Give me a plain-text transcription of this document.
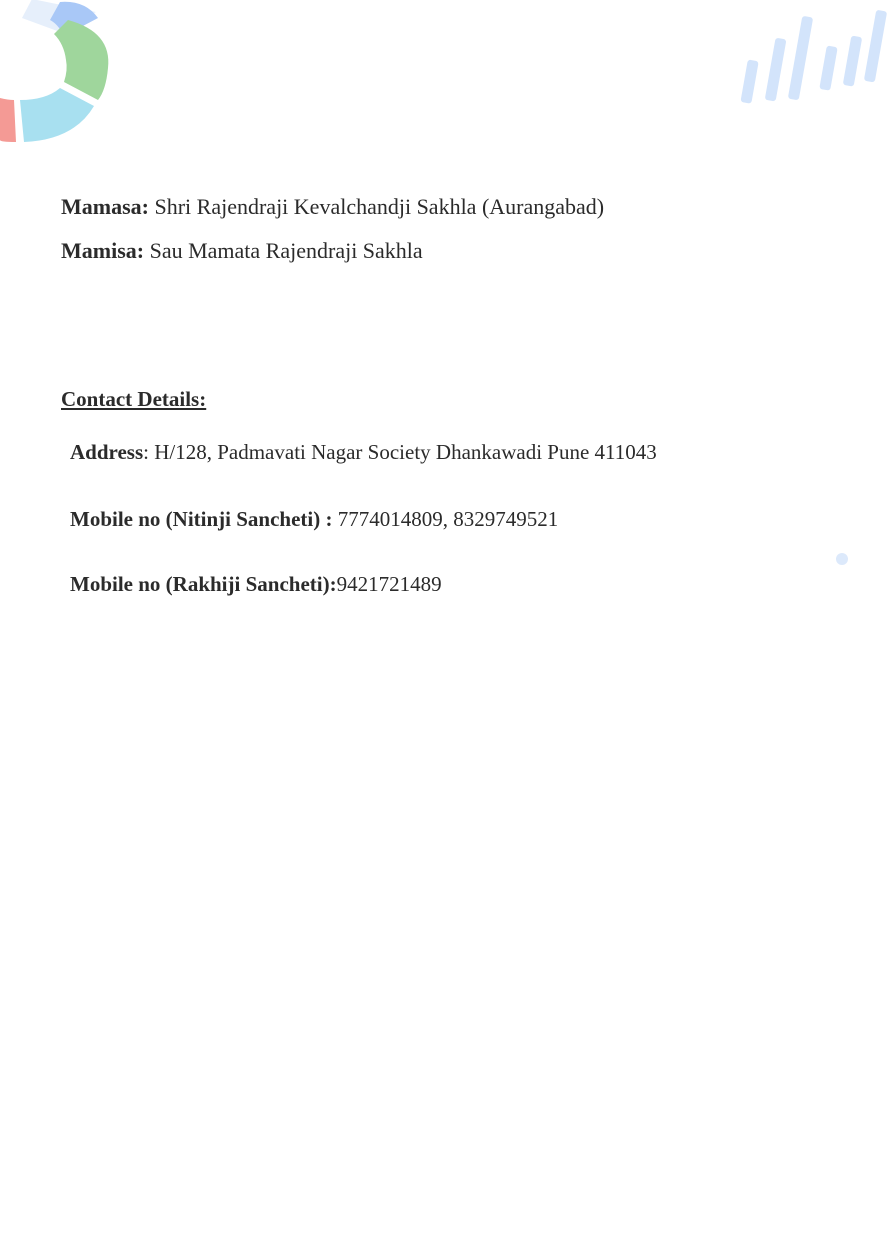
Mamasa: Shri Rajendraji Kevalchandji Sakhla (Aurangabad)
Mamisa: Sau Mamata Rajendraji Sakhla
Contact Details:
Address: H/128, Padmavati Nagar Society Dhankawadi Pune 411043
Mobile no (Nitinji Sancheti) : 7774014809, 8329749521
Mobile no (Rakhiji Sancheti):9421721489
